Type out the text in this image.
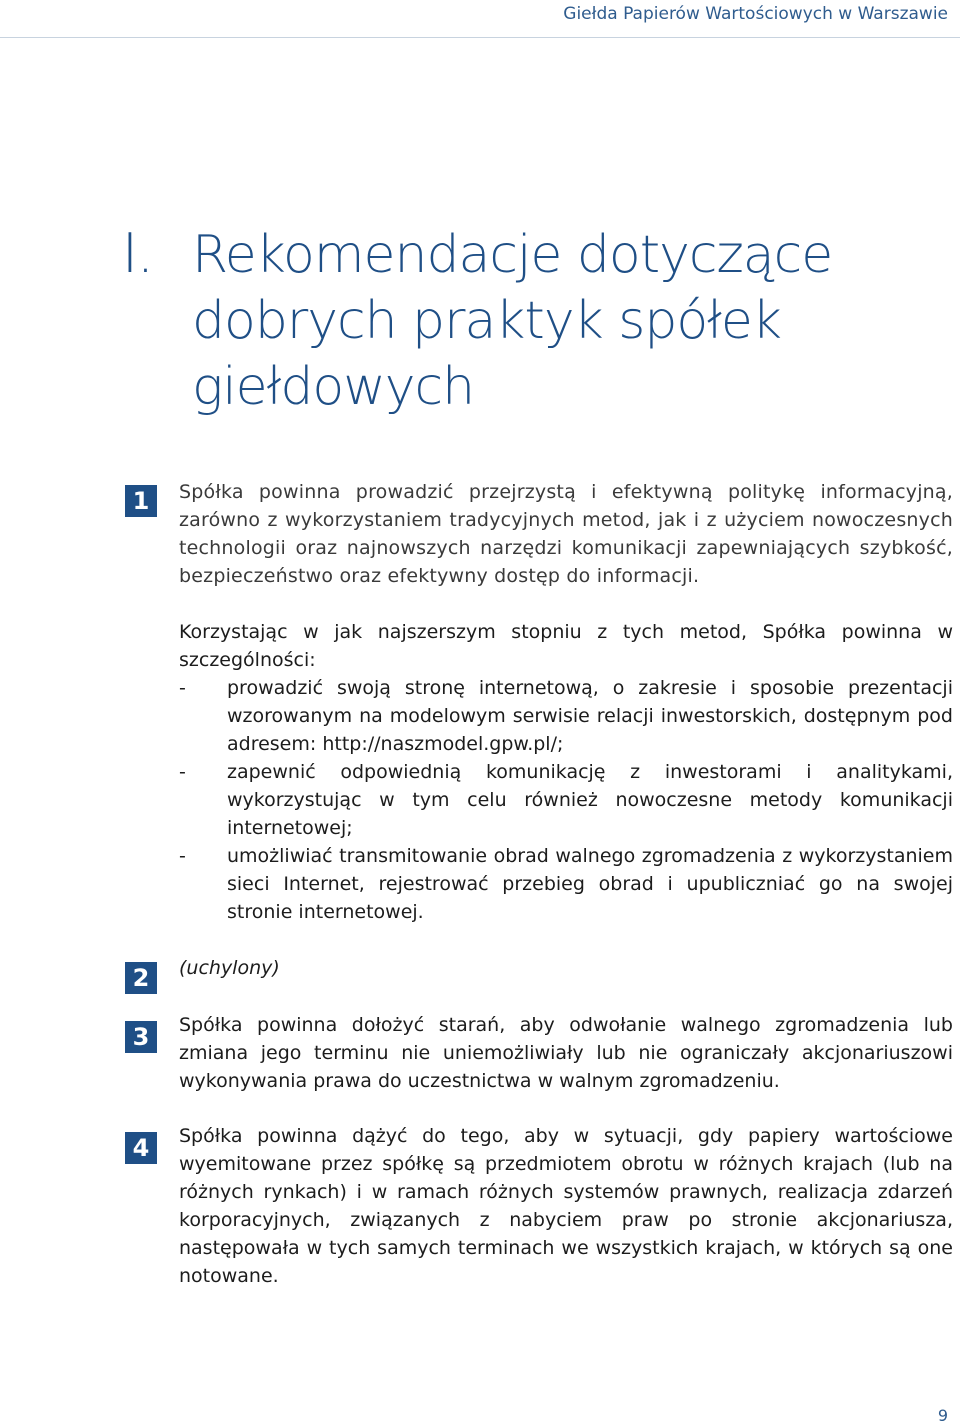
Giełda Papierów Wartościowych w Warszawie
I. Rekomendacje dotyczące dobrych praktyk spółek giełdowych
1	Spółka powinna prowadzić przejrzystą i efektywną politykę informacyjną, zarówno z wykorzystaniem tradycyjnych metod, jak i z użyciem nowoczesnych technologii oraz najnowszych narzędzi komunikacji zapewniających szybkość, bezpieczeństwo oraz efektywny dostęp do informacji.

Korzystając w jak najszerszym stopniu z tych metod, Spółka powinna w szczególności:

- prowadzić swoją stronę internetową, o zakresie i sposobie prezentacji wzorowanym na modelowym serwisie relacji inwestorskich, dostępnym pod adresem: http://naszmodel.gpw.pl/;
- zapewnić odpowiednią komunikację z inwestorami i analitykami, wykorzystując w tym celu również nowoczesne metody komunikacji internetowej;
- umożliwiać transmitowanie obrad walnego zgromadzenia z wykorzystaniem sieci Internet, rejestrować przebieg obrad i upubliczniać go na swojej stronie internetowej.
2	(uchylony)

3	Spółka powinna dołożyć starań, aby odwołanie walnego zgromadzenia lub zmiana jego terminu nie uniemożliwiały lub nie ograniczały akcjonariuszowi wykonywania prawa do uczestnictwa w walnym zgromadzeniu.

4	Spółka powinna dążyć do tego, aby w sytuacji, gdy papiery wartościowe wyemitowane przez spółkę są przedmiotem obrotu w różnych krajach (lub na różnych rynkach) i w ramach różnych systemów prawnych, realizacja zdarzeń korporacyjnych, związanych z nabyciem praw po stronie akcjonariusza, następowała w tych samych terminach we wszystkich krajach, w których są one notowane.

9
